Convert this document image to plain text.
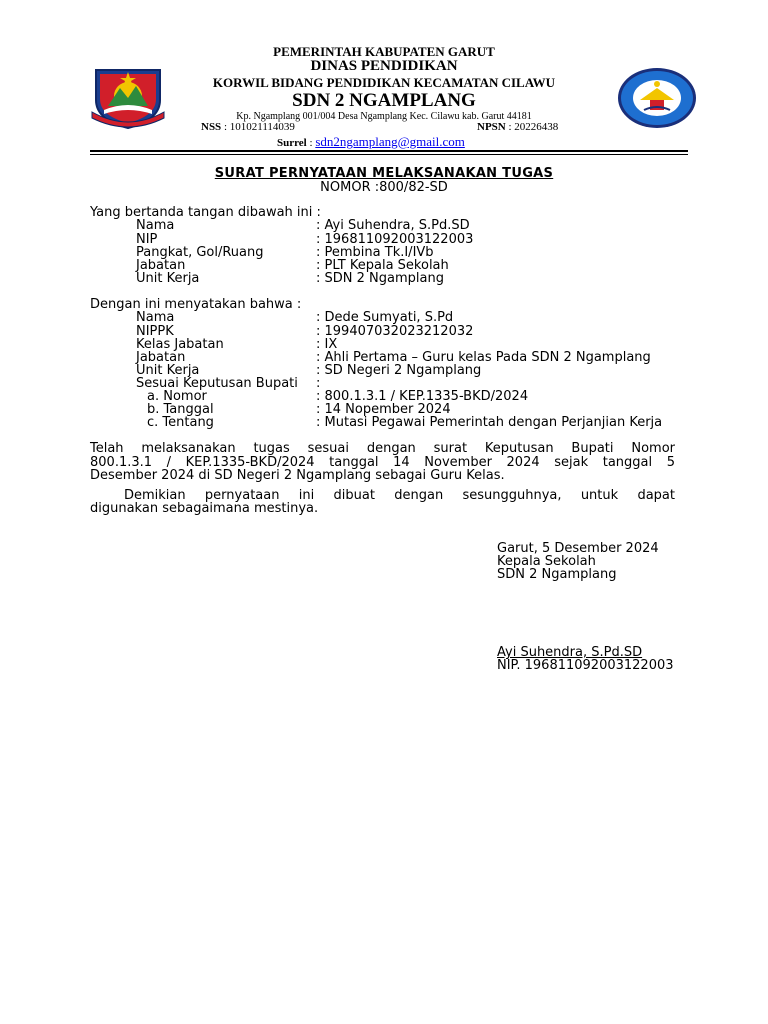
PEMERINTAH KABUPATEN GARUT
DINAS PENDIDIKAN
KORWIL BIDANG PENDIDIKAN KECAMATAN CILAWU
SDN 2 NGAMPLANG
Kp. Ngamplang 001/004 Desa Ngamplang Kec. Cilawu kab. Garut 44181
NSS : 101021114039	NPSN : 20226438
Surrel : sdn2ngamplang@gmail.com
SURAT PERNYATAAN MELAKSANAKAN TUGAS
NOMOR :800/82-SD
Yang bertanda tangan dibawah ini :
Nama	: Ayi Suhendra, S.Pd.SD
NIP	: 196811092003122003
Pangkat, Gol/Ruang	: Pembina Tk.I/IVb
Jabatan	: PLT Kepala Sekolah
Unit Kerja	: SDN 2 Ngamplang
Dengan ini menyatakan bahwa :
Nama	: Dede Sumyati, S.Pd
NIPPK	: 199407032023212032
Kelas Jabatan	: IX
Jabatan	: Ahli Pertama – Guru kelas Pada SDN 2 Ngamplang
Unit Kerja	: SD Negeri 2 Ngamplang
Sesuai Keputusan Bupati :
a. Nomor	: 800.1.3.1 / KEP.1335-BKD/2024
b. Tanggal	: 14 Nopember 2024
c. Tentang	: Mutasi Pegawai Pemerintah dengan Perjanjian Kerja
Telah melaksanakan tugas sesuai dengan surat Keputusan Bupati Nomor
800.1.3.1 / KEP.1335-BKD/2024 tanggal 14 November 2024 sejak tanggal 5
Desember 2024 di SD Negeri 2 Ngamplang sebagai Guru Kelas.
Demikian pernyataan ini dibuat dengan sesungguhnya, untuk dapat
digunakan sebagaimana mestinya.
Garut, 5 Desember 2024
Kepala Sekolah
SDN 2 Ngamplang
Ayi Suhendra, S.Pd.SD
NIP. 196811092003122003
